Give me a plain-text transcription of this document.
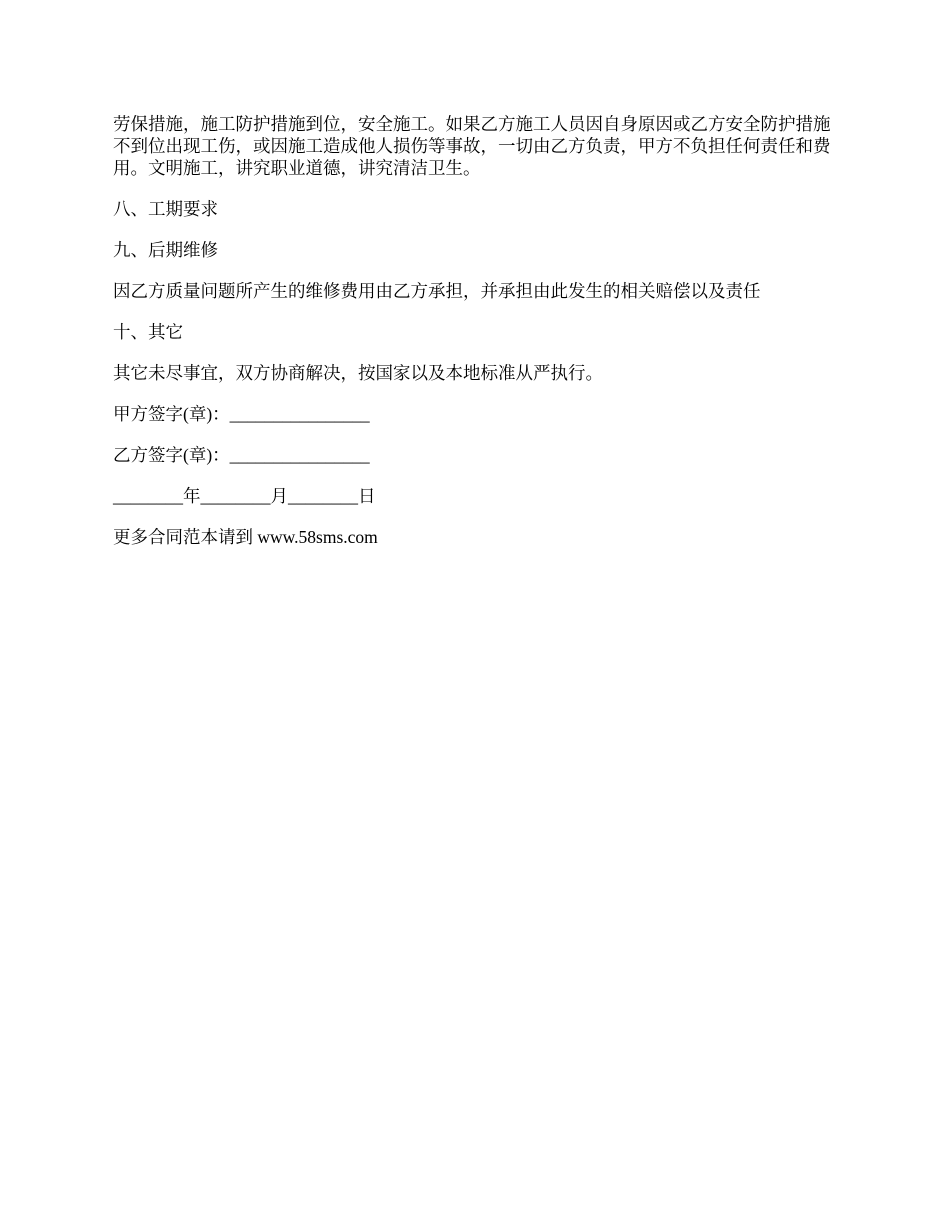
劳保措施，施工防护措施到位，安全施工。如果乙方施工人员因自身原因或乙方安全防护措施不到位出现工伤，或因施工造成他人损伤等事故，一切由乙方负责，甲方不负担任何责任和费用。文明施工，讲究职业道德，讲究清洁卫生。

八、工期要求

九、后期维修

因乙方质量问题所产生的维修费用由乙方承担，并承担由此发生的相关赔偿以及责任

十、其它

其它未尽事宜，双方协商解决，按国家以及本地标准从严执行。

甲方签字(章)：________________

乙方签字(章)：________________

________年________月________日

更多合同范本请到 www.58sms.com
